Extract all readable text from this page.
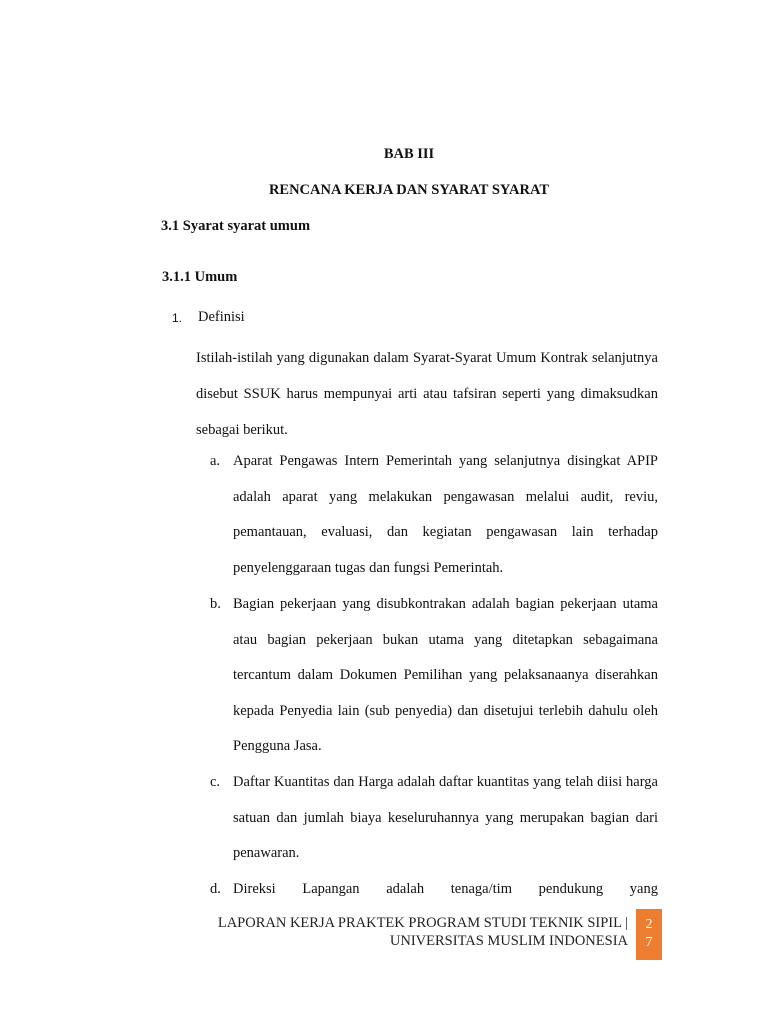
BAB III
RENCANA KERJA DAN SYARAT SYARAT
3.1 Syarat syarat umum
3.1.1 Umum
1. Definisi

Istilah-istilah yang digunakan dalam Syarat-Syarat Umum Kontrak selanjutnya disebut SSUK harus mempunyai arti atau tafsiran seperti yang dimaksudkan sebagai berikut.

a. Aparat Pengawas Intern Pemerintah yang selanjutnya disingkat APIP adalah aparat yang melakukan pengawasan melalui audit, reviu, pemantauan, evaluasi, dan kegiatan pengawasan lain terhadap penyelenggaraan tugas dan fungsi Pemerintah.
b. Bagian pekerjaan yang disubkontrakan adalah bagian pekerjaan utama atau bagian pekerjaan bukan utama yang ditetapkan sebagaimana tercantum dalam Dokumen Pemilihan yang pelaksanaanya diserahkan kepada Penyedia lain (sub penyedia) dan disetujui terlebih dahulu oleh Pengguna Jasa.
c. Daftar Kuantitas dan Harga adalah daftar kuantitas yang telah diisi harga satuan dan jumlah biaya keseluruhannya yang merupakan bagian dari penawaran.
d. Direksi Lapangan adalah tenaga/tim pendukung yang
LAPORAN KERJA PRAKTEK PROGRAM STUDI TEKNIK SIPIL |
UNIVERSITAS MUSLIM INDONESIA
2
7
